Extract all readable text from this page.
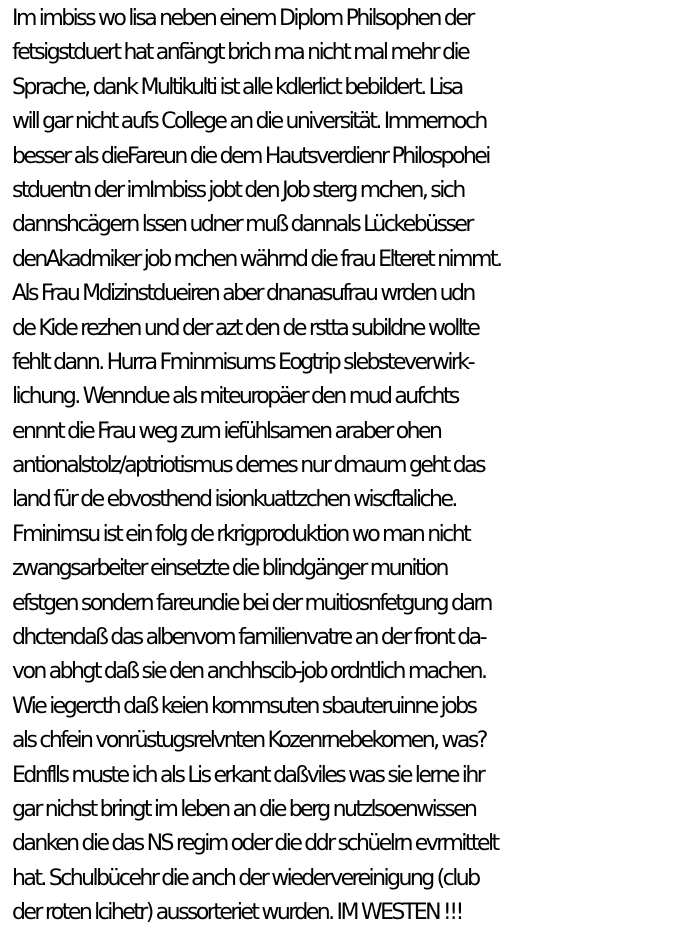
Im imbiss wo lisa neben einem Diplom Philsophen der
fetsigstduert hat anfängt brich ma nicht mal mehr die
Sprache, dank Multikulti ist alle kdlerlict bebildert. Lisa
will gar nicht aufs College an die universität. Immernoch
besser als dieFareun die dem Hautsverdienr Philospohei
stduentn der imImbiss jobt den Job sterg mchen, sich
dannshcägern lssen udner muß dannals Lückebüsser
denAkadmiker job mchen währnd die frau Elteret nimmt.
Als Frau Mdizinstdueiren aber dnanasufrau wrden udn
de Kide rezhen und der azt den de rstta subildne wollte
fehlt dann. Hurra Fminmisums Eogtrip slebsteverwirk-
lichung. Wenndue als miteuropäer den mud aufchts
ennnt die Frau weg zum iefühlsamen araber ohen
antionalstolz/aptriotismus demes nur dmaum geht das
land für de ebvosthend isionkuattzchen wiscftaliche.
Fminimsu ist ein folg de rkrigproduktion wo man nicht
zwangsarbeiter einsetzte die blindgänger munition
efstgen sondern fareundie bei der muitiosnfetgung darn
dhctendaß das albenvom familienvatre an der front da-
von abhgt daß sie den anchhscib-job ordntlich machen.
Wie iegercth daß keien kommsuten sbauteruinne jobs
als chfein vonrüstugsrelvnten Kozenrnebekomen, was?
Ednflls muste ich als Lis erkant daßviles was sie lerne ihr
gar nichst bringt im leben an die berg nutzlsoenwissen
danken die das NS regim oder die ddr schüelrn evrmittelt
hat. Schulbücehr die anch der wiedervereinigung (club
der roten lcihetr) aussorteriet wurden. IM WESTEN !!!
